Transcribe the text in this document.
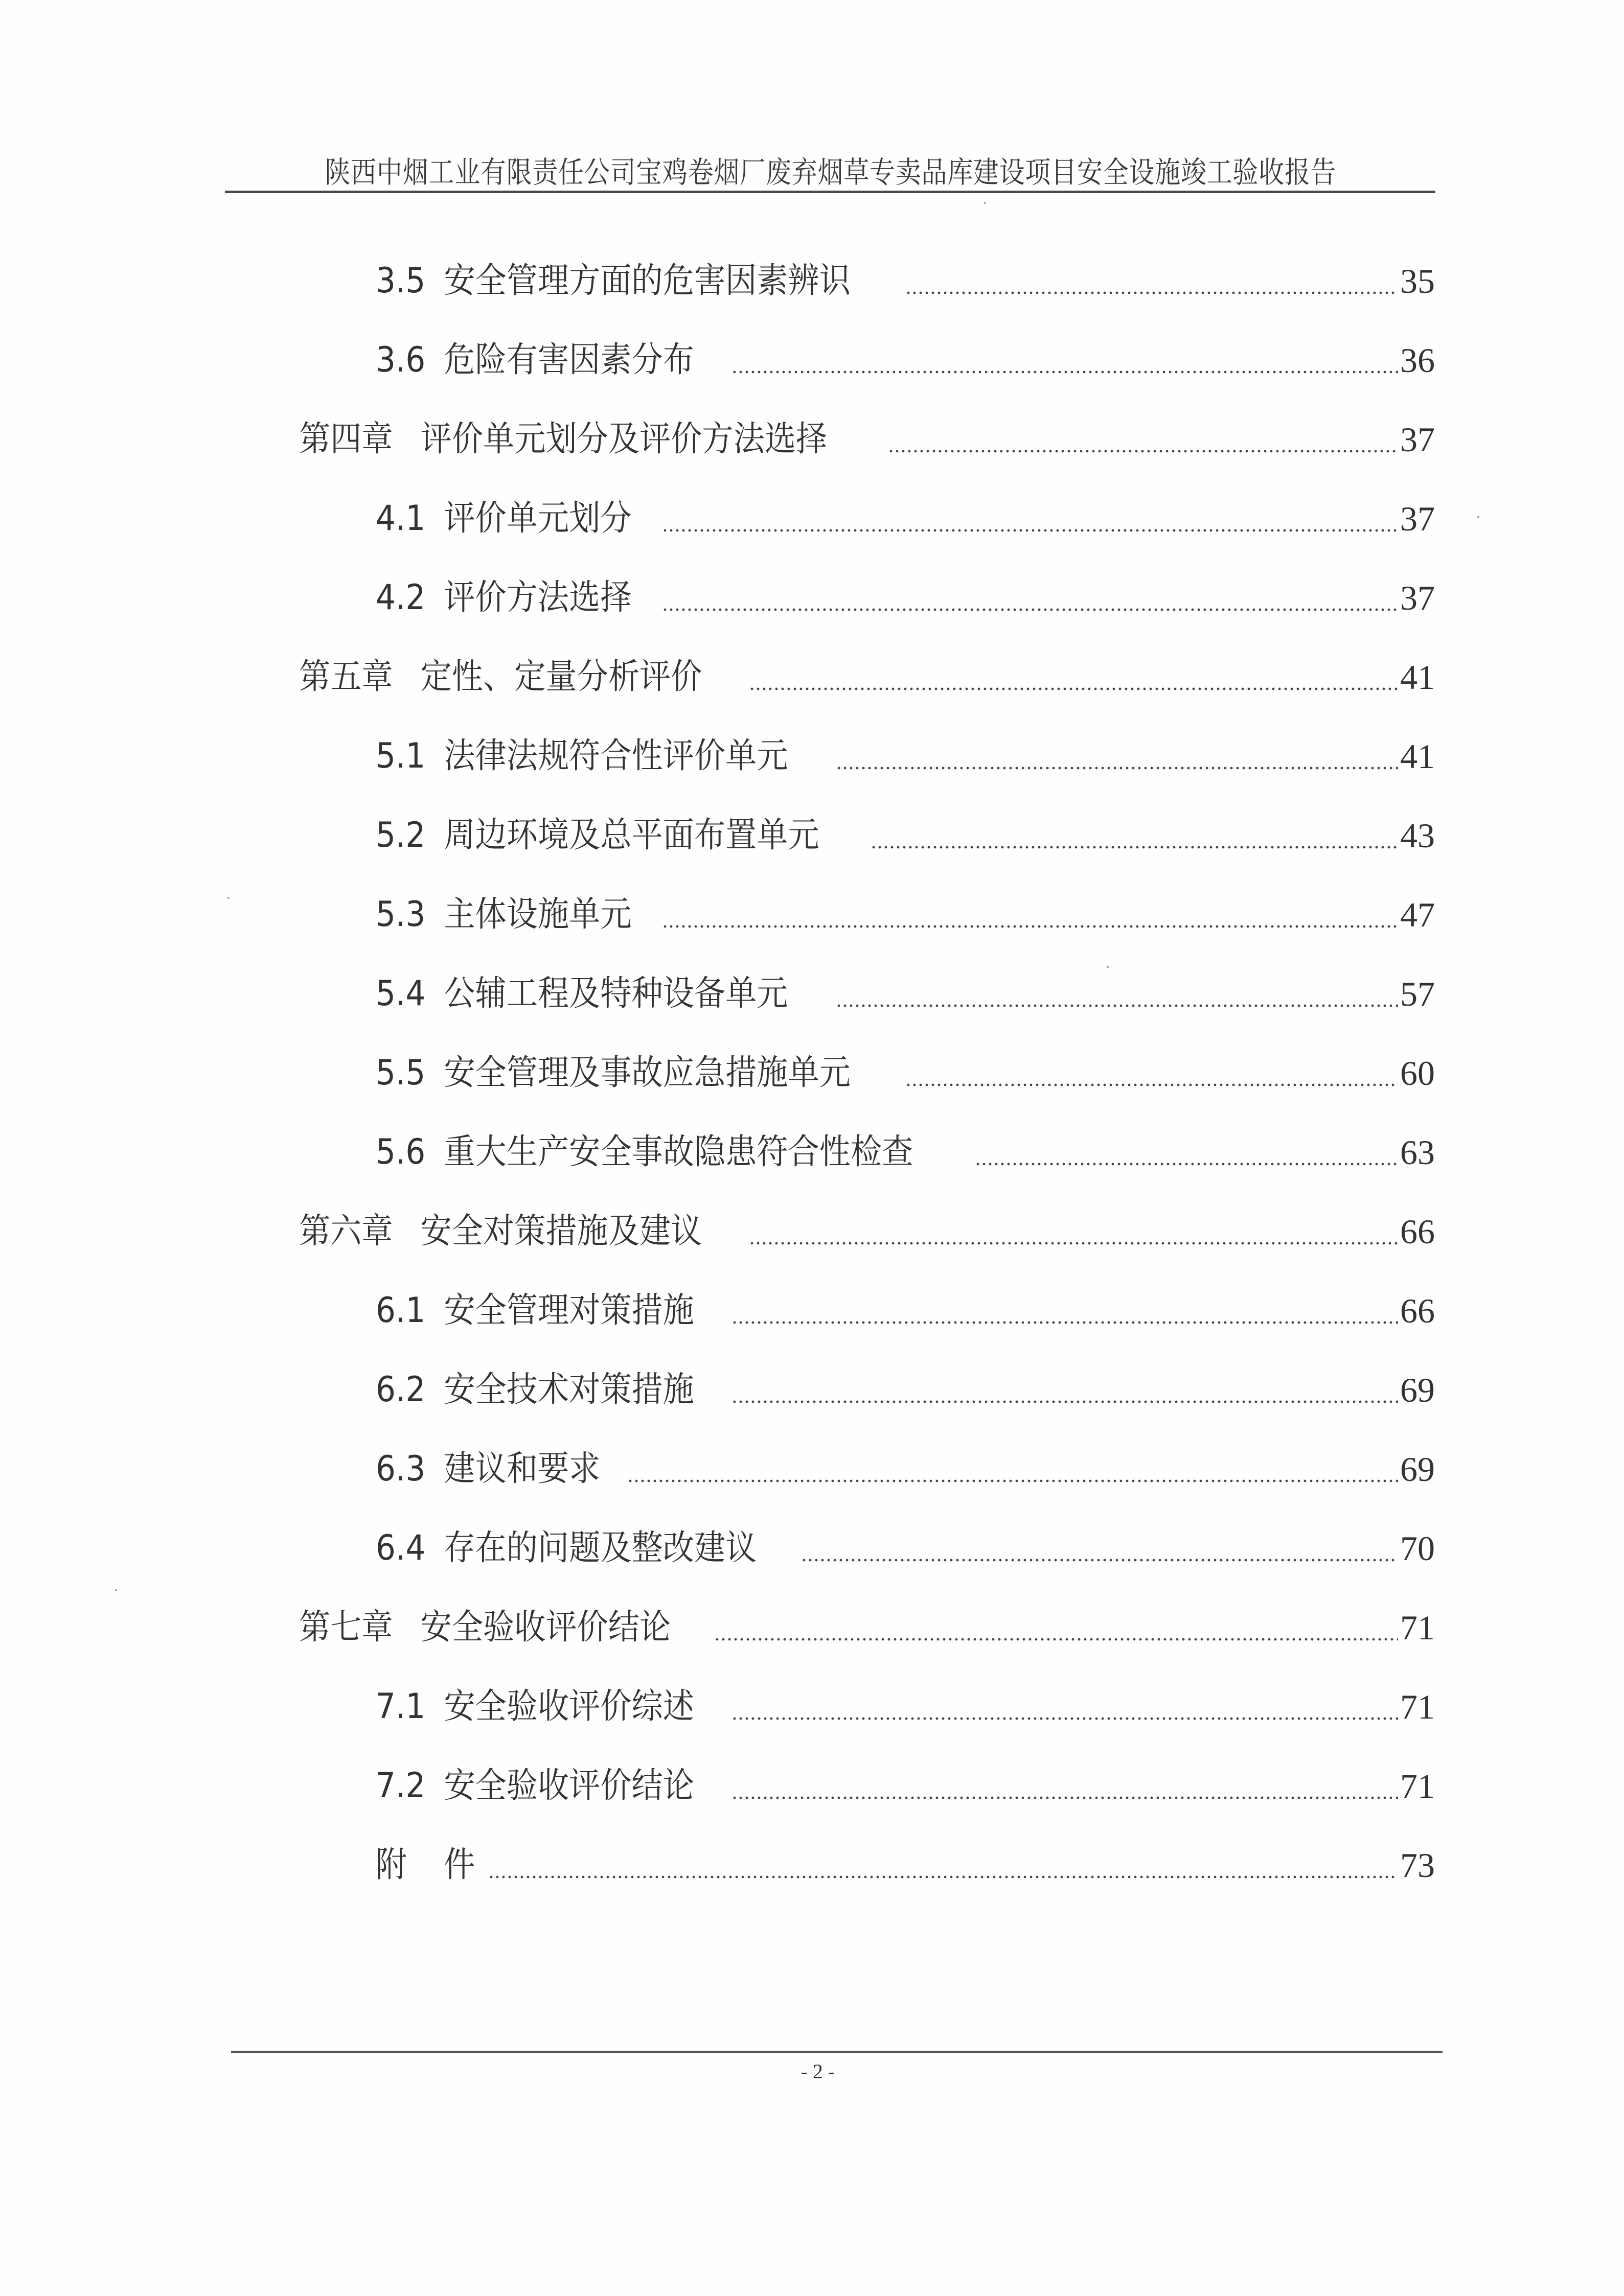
陕西中烟工业有限责任公司宝鸡卷烟厂废弃烟草专卖品库建设项目安全设施竣工验收报告
3.5 安全管理方面的危害因素辨识	35
3.6 危险有害因素分布	36
第四章 评价单元划分及评价方法选择	37
4.1 评价单元划分	37
4.2 评价方法选择	37
第五章 定性、定量分析评价	41
5.1 法律法规符合性评价单元	41
5.2 周边环境及总平面布置单元	43
5.3 主体设施单元	47
5.4 公辅工程及特种设备单元	57
5.5 安全管理及事故应急措施单元	60
5.6 重大生产安全事故隐患符合性检查	63
第六章 安全对策措施及建议	66
6.1 安全管理对策措施	66
6.2 安全技术对策措施	69
6.3 建议和要求	69
6.4 存在的问题及整改建议	70
第七章 安全验收评价结论	71
7.1 安全验收评价综述	71
7.2 安全验收评价结论	71
附 件	73
- 2 -
